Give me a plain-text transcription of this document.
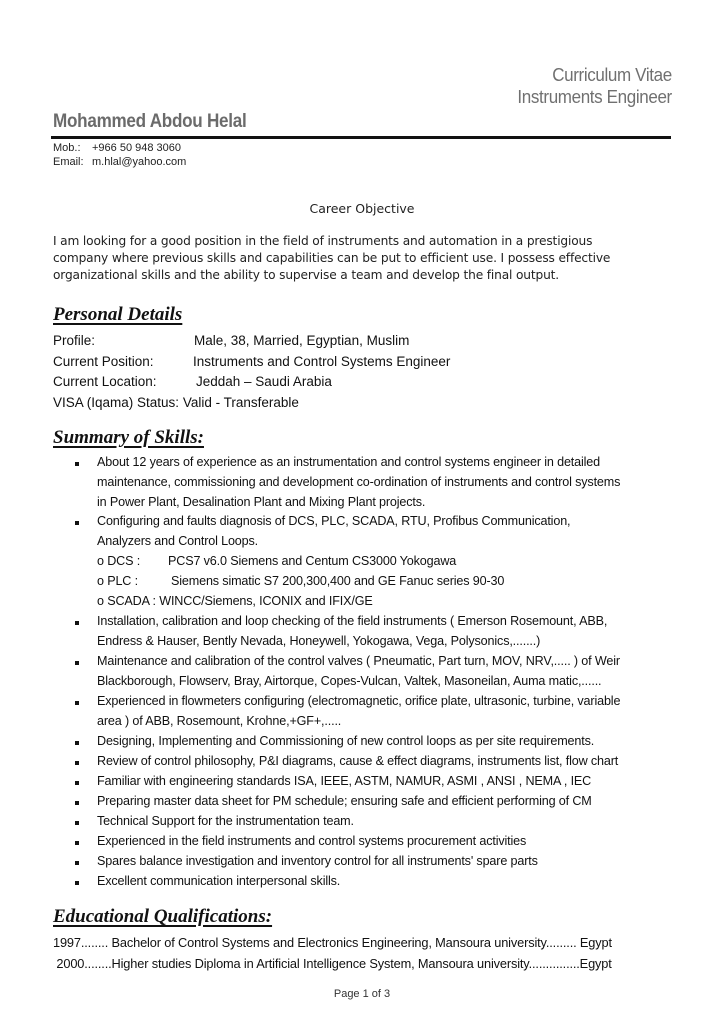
Curriculum Vitae
Instruments Engineer
Mohammed Abdou Helal
Mob.: +966 50 948 3060
Email: m.hlal@yahoo.com
Career Objective
I am looking for a good position in the field of instruments and automation in a prestigious
company where previous skills and capabilities can be put to efficient use. I possess effective
organizational skills and the ability to supervise a team and develop the final output.
Personal Details
Profile:	Male, 38, Married, Egyptian, Muslim
Current Position:	Instruments and Control Systems Engineer
Current Location:	Jeddah – Saudi Arabia
VISA (Iqama) Status: Valid - Transferable
Summary of Skills:
About 12 years of experience as an instrumentation and control systems engineer in detailed
maintenance, commissioning and development co-ordination of instruments and control systems
in Power Plant, Desalination Plant and Mixing Plant projects.
Configuring and faults diagnosis of DCS, PLC, SCADA, RTU, Profibus Communication,
Analyzers and Control Loops.
o DCS : PCS7 v6.0 Siemens and Centum CS3000 Yokogawa
o PLC :	Siemens simatic S7 200,300,400 and GE Fanuc series 90-30
o SCADA : WINCC/Siemens, ICONIX and IFIX/GE
Installation, calibration and loop checking of the field instruments ( Emerson Rosemount, ABB,
Endress & Hauser, Bently Nevada, Honeywell, Yokogawa, Vega, Polysonics,.......)
Maintenance and calibration of the control valves ( Pneumatic, Part turn, MOV, NRV,..... ) of Weir
Blackborough, Flowserv, Bray, Airtorque, Copes-Vulcan, Valtek, Masoneilan, Auma matic,......
Experienced in flowmeters configuring (electromagnetic, orifice plate, ultrasonic, turbine, variable
area ) of ABB, Rosemount, Krohne,+GF+,.....
Designing, Implementing and Commissioning of new control loops as per site requirements.
Review of control philosophy, P&I diagrams, cause & effect diagrams, instruments list, flow chart
Familiar with engineering standards ISA, IEEE, ASTM, NAMUR, ASMI , ANSI , NEMA , IEC
Preparing master data sheet for PM schedule; ensuring safe and efficient performing of CM
Technical Support for the instrumentation team.
Experienced in the field instruments and control systems procurement activities
Spares balance investigation and inventory control for all instruments' spare parts
Excellent communication interpersonal skills.
Educational Qualifications:
1997........ Bachelor of Control Systems and Electronics Engineering, Mansoura university......... Egypt
2000........Higher studies Diploma in Artificial Intelligence System, Mansoura university...............Egypt
Page 1 of 3
